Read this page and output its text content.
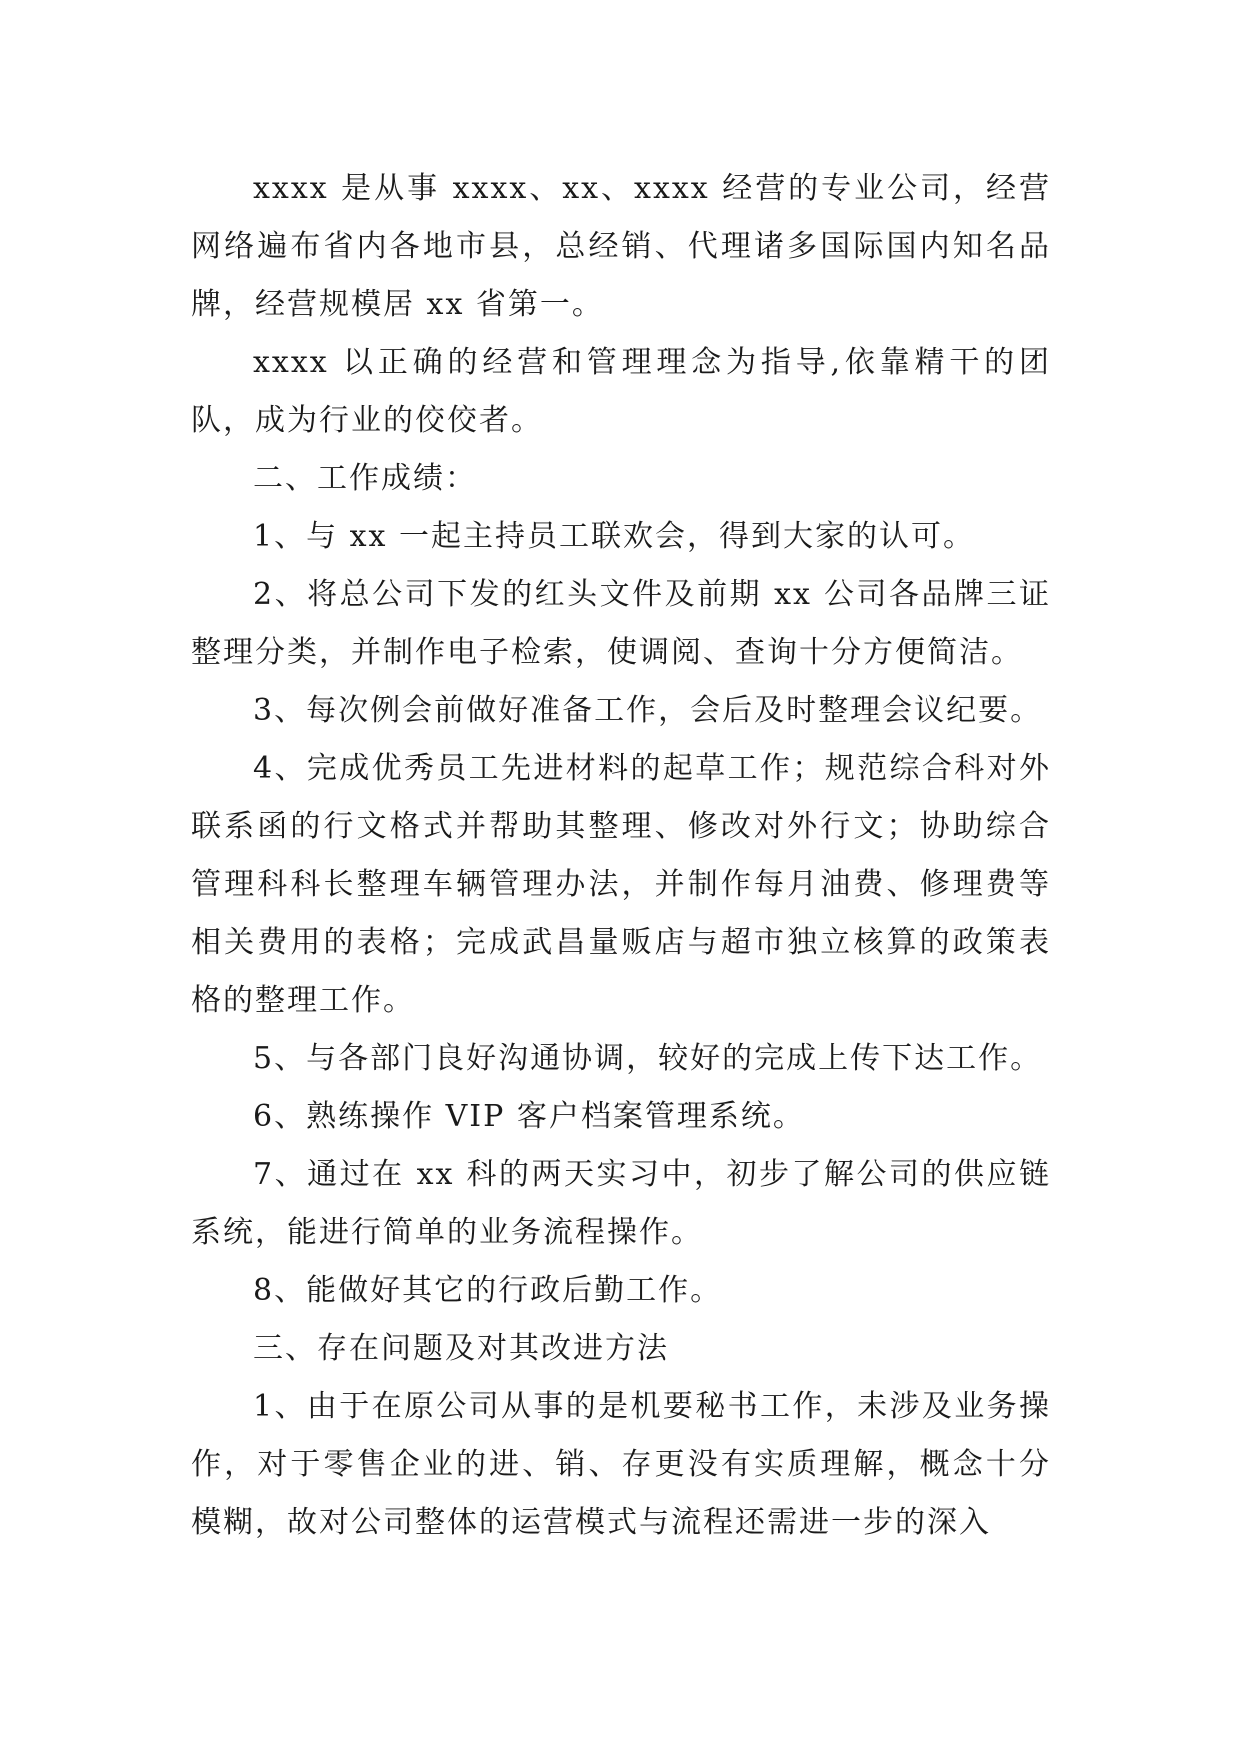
xxxx 是从事 xxxx、xx、xxxx 经营的专业公司，经营网络遍布省内各地市县，总经销、代理诸多国际国内知名品牌，经营规模居 xx 省第一。

xxxx 以正确的经营和管理理念为指导,依靠精干的团队，成为行业的佼佼者。

二、工作成绩：

1、与 xx 一起主持员工联欢会，得到大家的认可。

2、将总公司下发的红头文件及前期 xx 公司各品牌三证整理分类，并制作电子检索，使调阅、查询十分方便简洁。

3、每次例会前做好准备工作，会后及时整理会议纪要。

4、完成优秀员工先进材料的起草工作；规范综合科对外联系函的行文格式并帮助其整理、修改对外行文；协助综合管理科科长整理车辆管理办法，并制作每月油费、修理费等相关费用的表格；完成武昌量贩店与超市独立核算的政策表格的整理工作。

5、与各部门良好沟通协调，较好的完成上传下达工作。

6、熟练操作 VIP 客户档案管理系统。

7、通过在 xx 科的两天实习中，初步了解公司的供应链系统，能进行简单的业务流程操作。

8、能做好其它的行政后勤工作。

三、存在问题及对其改进方法

1、由于在原公司从事的是机要秘书工作，未涉及业务操作，对于零售企业的进、销、存更没有实质理解，概念十分模糊，故对公司整体的运营模式与流程还需进一步的深入
